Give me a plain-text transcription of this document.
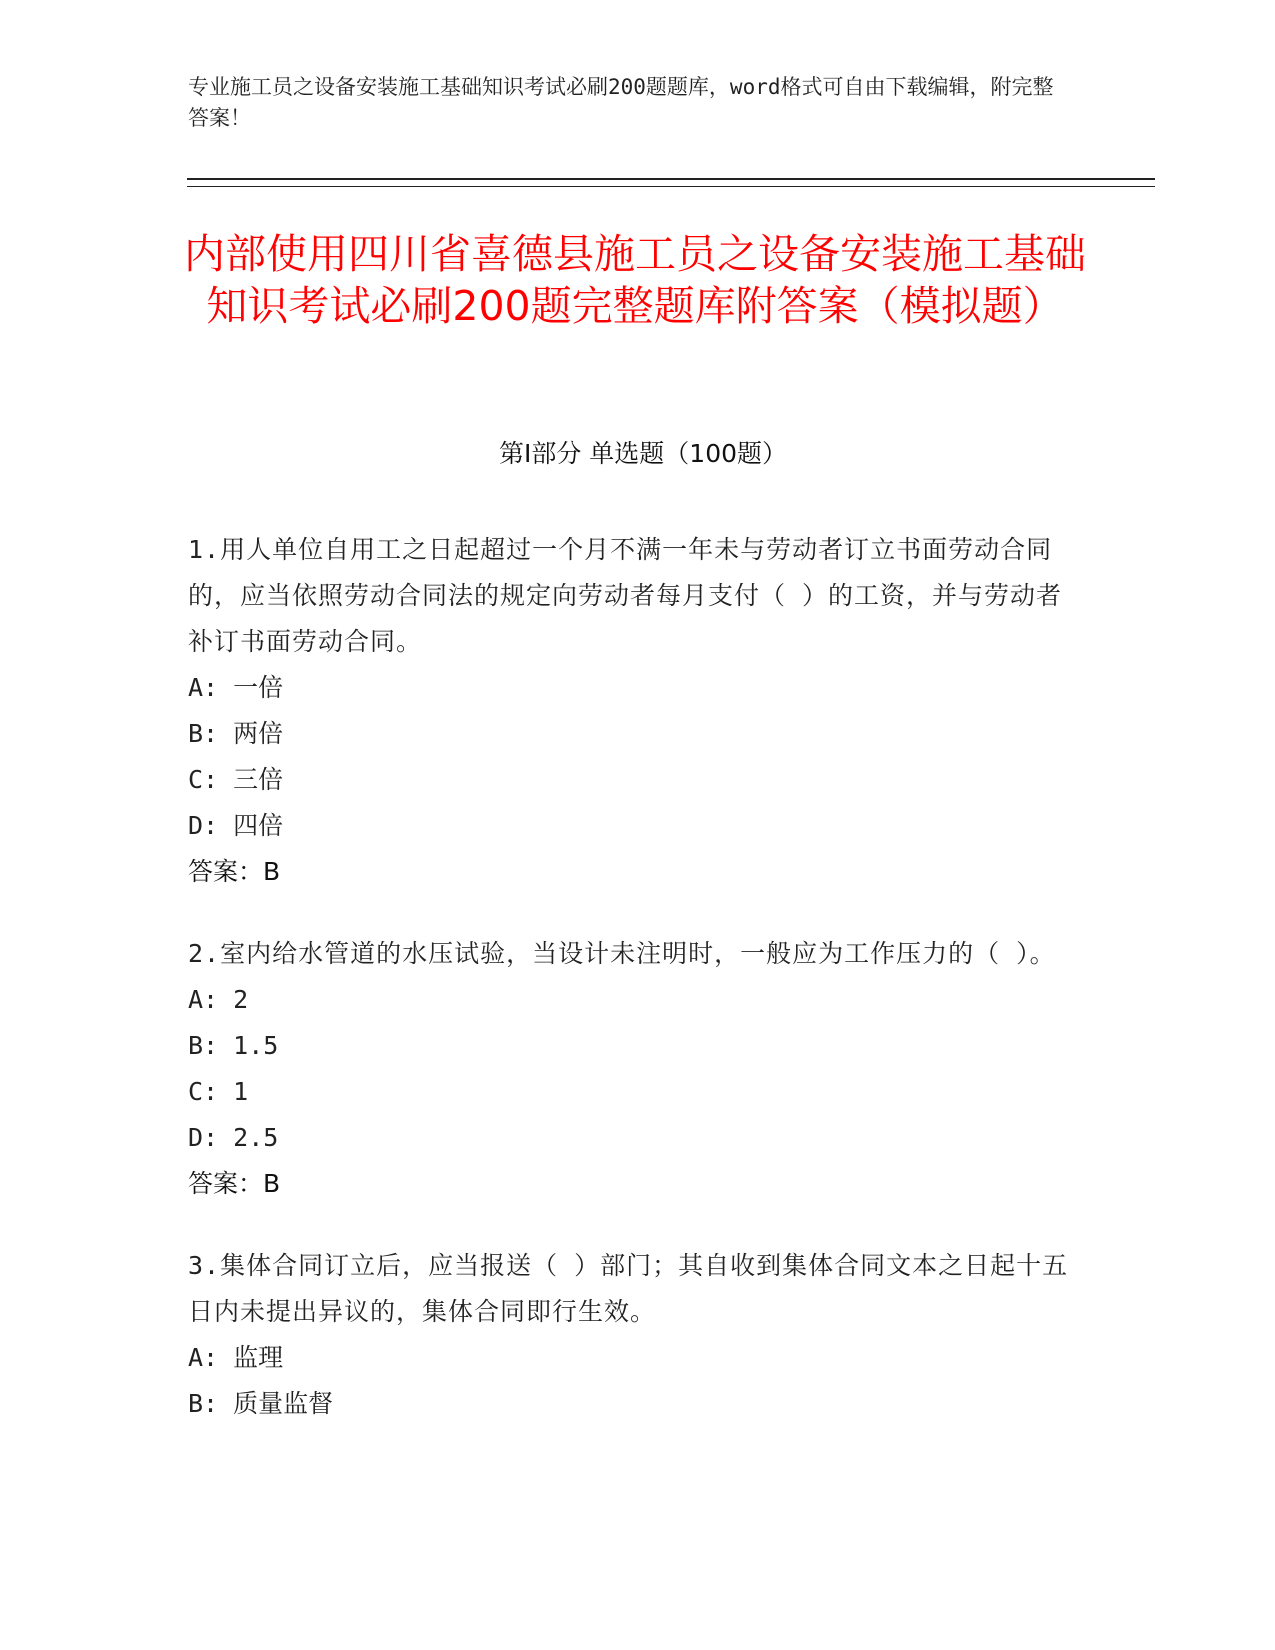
专业施工员之设备安装施工基础知识考试必刷200题题库，word格式可自由下载编辑，附完整答案！
内部使用四川省喜德县施工员之设备安装施工基础知识考试必刷200题完整题库附答案（模拟题）
第I部分 单选题（100题）

1.用人单位自用工之日起超过一个月不满一年未与劳动者订立书面劳动合同的，应当依照劳动合同法的规定向劳动者每月支付（ ）的工资，并与劳动者补订书面劳动合同。

A: 一倍

B: 两倍

C: 三倍

D: 四倍

答案：B

2.室内给水管道的水压试验，当设计未注明时，一般应为工作压力的（ ）。

A: 2

B: 1.5

C: 1

D: 2.5

答案：B

3.集体合同订立后，应当报送（ ）部门；其自收到集体合同文本之日起十五日内未提出异议的，集体合同即行生效。

A: 监理

B: 质量监督
